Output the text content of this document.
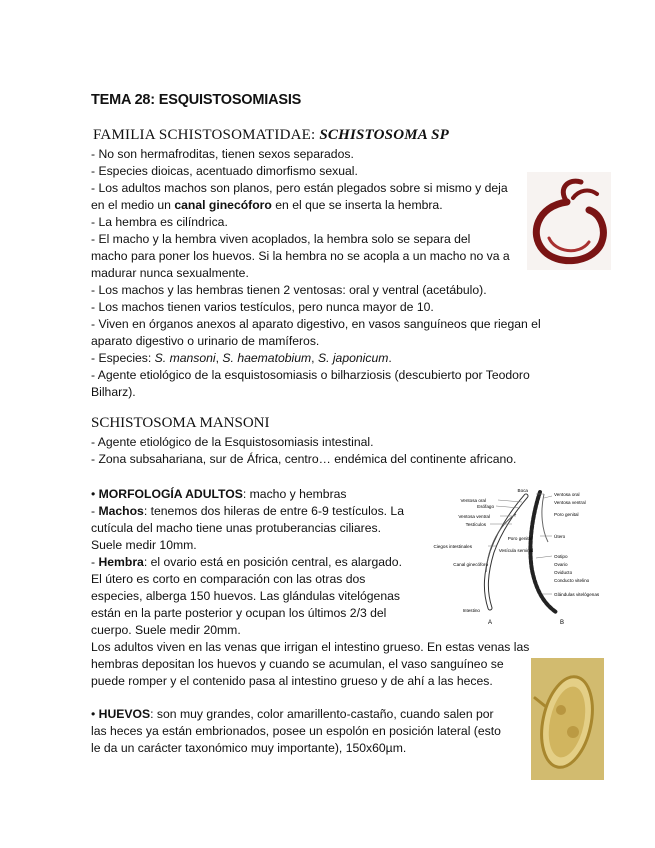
TEMA 28: ESQUISTOSOMIASIS
FAMILIA SCHISTOSOMATIDAE: SCHISTOSOMA SP
- No son hermafroditas, tienen sexos separados.
- Especies dioicas, acentuado dimorfismo sexual.
- Los adultos machos son planos, pero están plegados sobre si mismo y deja
en el medio un canal ginecóforo en el que se inserta la hembra.
- La hembra es cilíndrica.
- El macho y la hembra viven acoplados, la hembra solo se separa del
macho para poner los huevos. Si la hembra no se acopla a un macho no va a
madurar nunca sexualmente.
- Los machos y las hembras tienen 2 ventosas: oral y ventral (acetábulo).
- Los machos tienen varios testículos, pero nunca mayor de 10.
- Viven en órganos anexos al aparato digestivo, en vasos sanguíneos que riegan el
aparato digestivo o urinario de mamíferos.
- Especies: S. mansoni, S. haematobium, S. japonicum.
- Agente etiológico de la esquistosomiasis o bilharziosis (descubierto por Teodoro
Bilharz).
SCHISTOSOMA MANSONI
- Agente etiológico de la Esquistosomiasis intestinal.
- Zona subsahariana, sur de África, centro… endémica del continente africano.
• MORFOLOGÍA ADULTOS: macho y hembras
- Machos: tenemos dos hileras de entre 6-9 testículos. La
cutícula del macho tiene unas protuberancias ciliares.
Suele medir 10mm.
- Hembra: el ovario está en posición central, es alargado.
El útero es corto en comparación con las otras dos
especies, alberga 150 huevos. Las glándulas vitelógenas
están en la parte posterior y ocupan los últimos 2/3 del
cuerpo. Suele medir 20mm.
Los adultos viven en las venas que irrigan el intestino grueso. En estas venas las
hembras depositan los huevos y cuando se acumulan, el vaso sanguíneo se
puede romper y el contenido pasa al intestino grueso y de ahí a las heces.
• HUEVOS: son muy grandes, color amarillento-castaño, cuando salen por
las heces ya están embrionados, posee un espolón en posición lateral (esto
le da un carácter taxonómico muy importante), 150x60µm.
Ventosa oral
Esófago
Ventosa ventral
Testículos
Ciegos intestinales
Canal ginecóforo
Intestino
Boca
Poro genital
Vesícula seminal
Ventosa oral
Ventosa ventral
Poro genital
Útero
Ootipo
Ovario
Oviducto
Conducto vitelino
Glándulas vitelógenas
A	B
